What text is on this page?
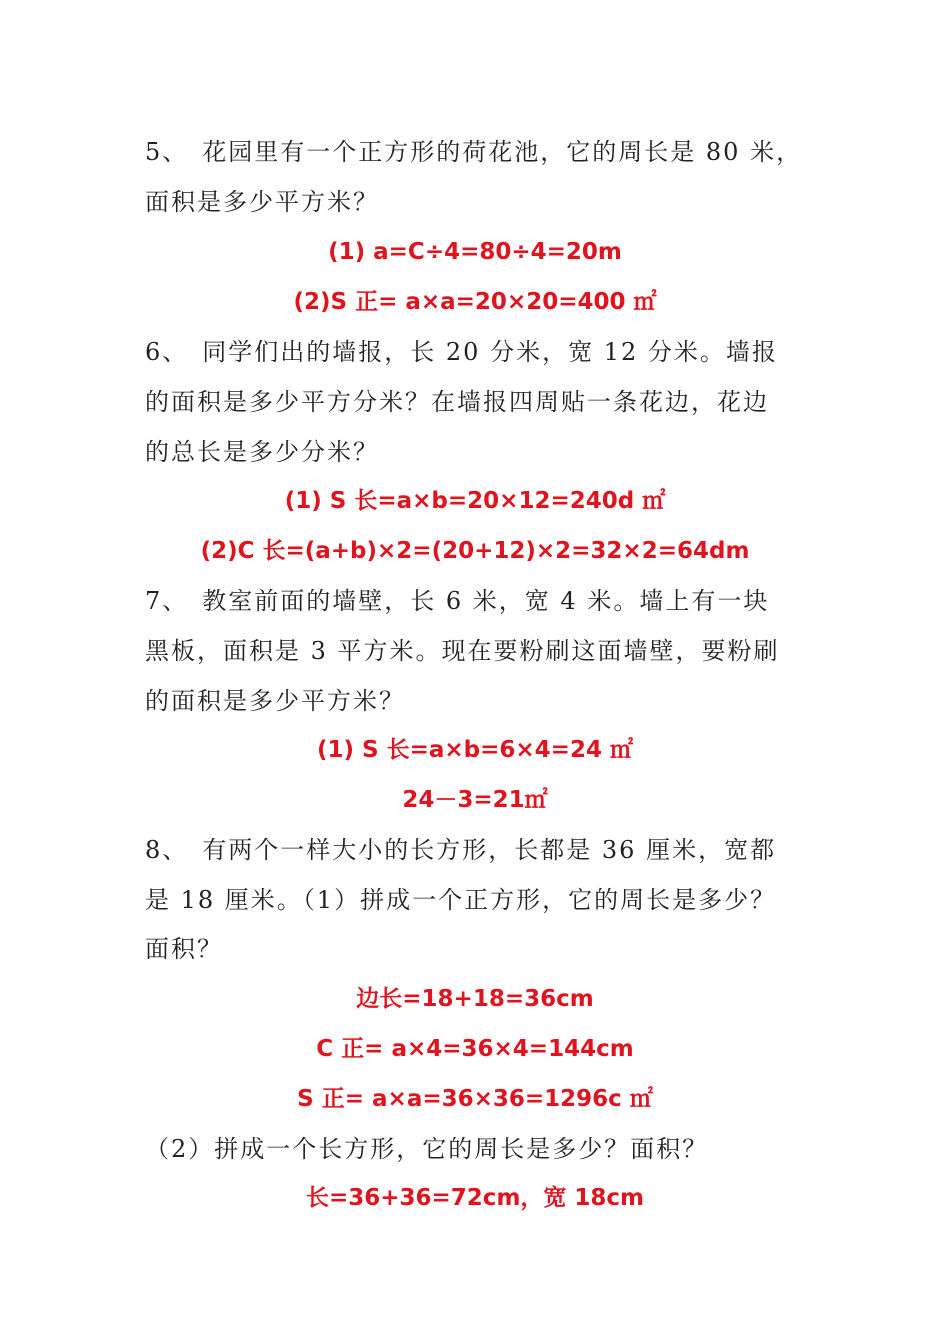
5、　花园里有一个正方形的荷花池，它的周长是 80 米，
面积是多少平方米？
(1) a=C÷4=80÷4=20m
(2)S 正= a×a=20×20=400 ㎡
6、　同学们出的墙报，长 20 分米，宽 12 分米。墙报
的面积是多少平方分米？在墙报四周贴一条花边，花边
的总长是多少分米？
(1) S 长=a×b=20×12=240d ㎡
(2)C 长=(a+b)×2=(20+12)×2=32×2=64dm
7、　教室前面的墙壁，长 6 米，宽 4 米。墙上有一块
黑板，面积是 3 平方米。现在要粉刷这面墙壁，要粉刷
的面积是多少平方米？
(1) S 长=a×b=6×4=24 ㎡
24－3=21㎡
8、　有两个一样大小的长方形，长都是 36 厘米，宽都
是 18 厘米。（1）拼成一个正方形，它的周长是多少？
面积？
边长=18+18=36cm
C 正= a×4=36×4=144cm
S 正= a×a=36×36=1296c ㎡
（2）拼成一个长方形，它的周长是多少？面积？
长=36+36=72cm，宽 18cm
